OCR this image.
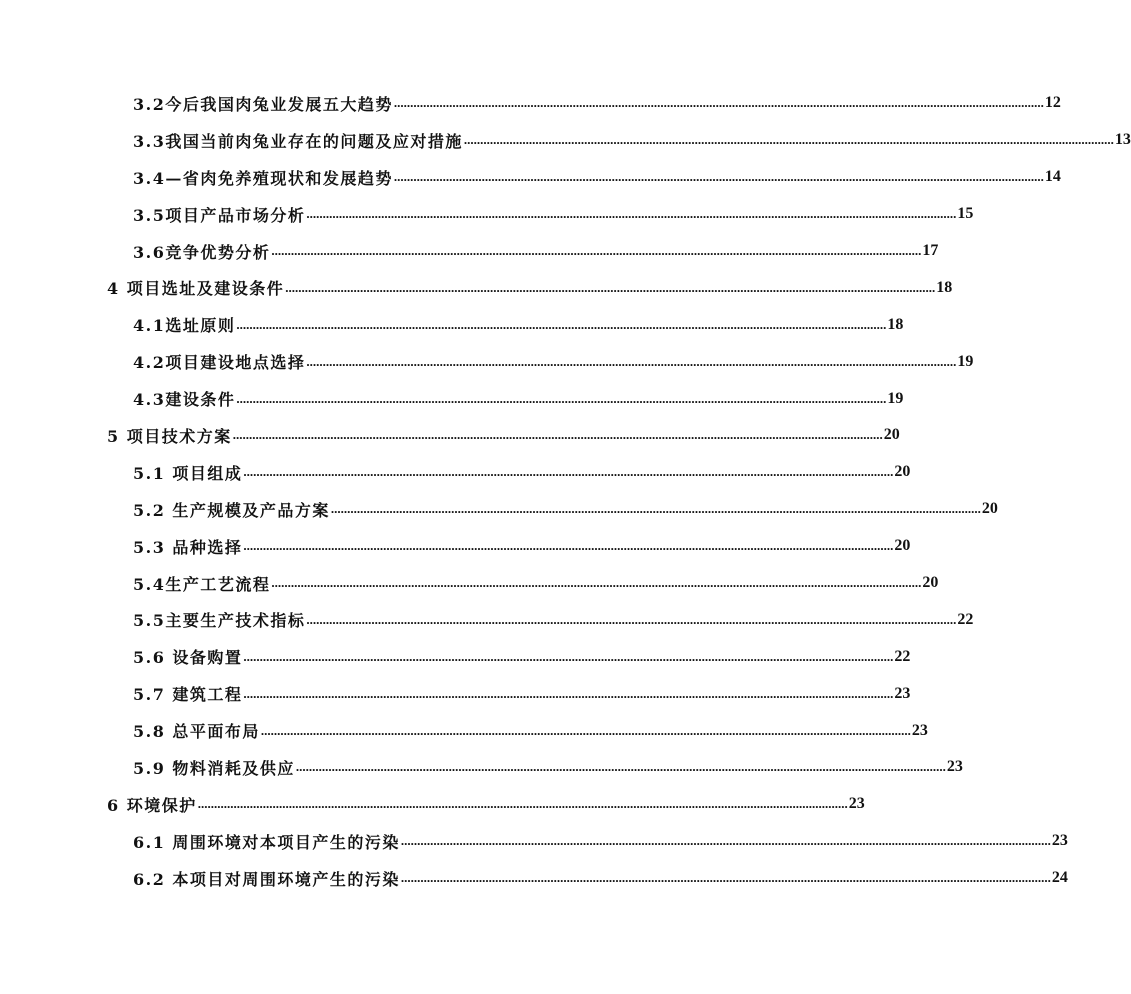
3.2今后我国肉兔业发展五大趋势 ........................................................................................................................................................................................................ 12
3.3我国当前肉兔业存在的问题及应对措施 ........................................................................................................................................................................................................ 13
3.4—省肉免养殖现状和发展趋势 ........................................................................................................................................................................................................ 14
3.5项目产品市场分析 ........................................................................................................................................................................................................ 15
3.6竞争优势分析 ........................................................................................................................................................................................................ 17
4 项目选址及建设条件 ........................................................................................................................................................................................................ 18
4.1选址原则 ........................................................................................................................................................................................................ 18
4.2项目建设地点选择 ........................................................................................................................................................................................................ 19
4.3建设条件 ........................................................................................................................................................................................................ 19
5 项目技术方案 ........................................................................................................................................................................................................ 20
5.1 项目组成 ........................................................................................................................................................................................................ 20
5.2 生产规模及产品方案 ........................................................................................................................................................................................................ 20
5.3 品种选择 ........................................................................................................................................................................................................ 20
5.4生产工艺流程 ........................................................................................................................................................................................................ 20
5.5主要生产技术指标 ........................................................................................................................................................................................................ 22
5.6 设备购置 ........................................................................................................................................................................................................ 22
5.7 建筑工程 ........................................................................................................................................................................................................ 23
5.8 总平面布局 ........................................................................................................................................................................................................ 23
5.9 物料消耗及供应 ........................................................................................................................................................................................................ 23
6 环境保护 ........................................................................................................................................................................................................ 23
6.1 周围环境对本项目产生的污染 ........................................................................................................................................................................................................ 23
6.2 本项目对周围环境产生的污染 ........................................................................................................................................................................................................ 24
